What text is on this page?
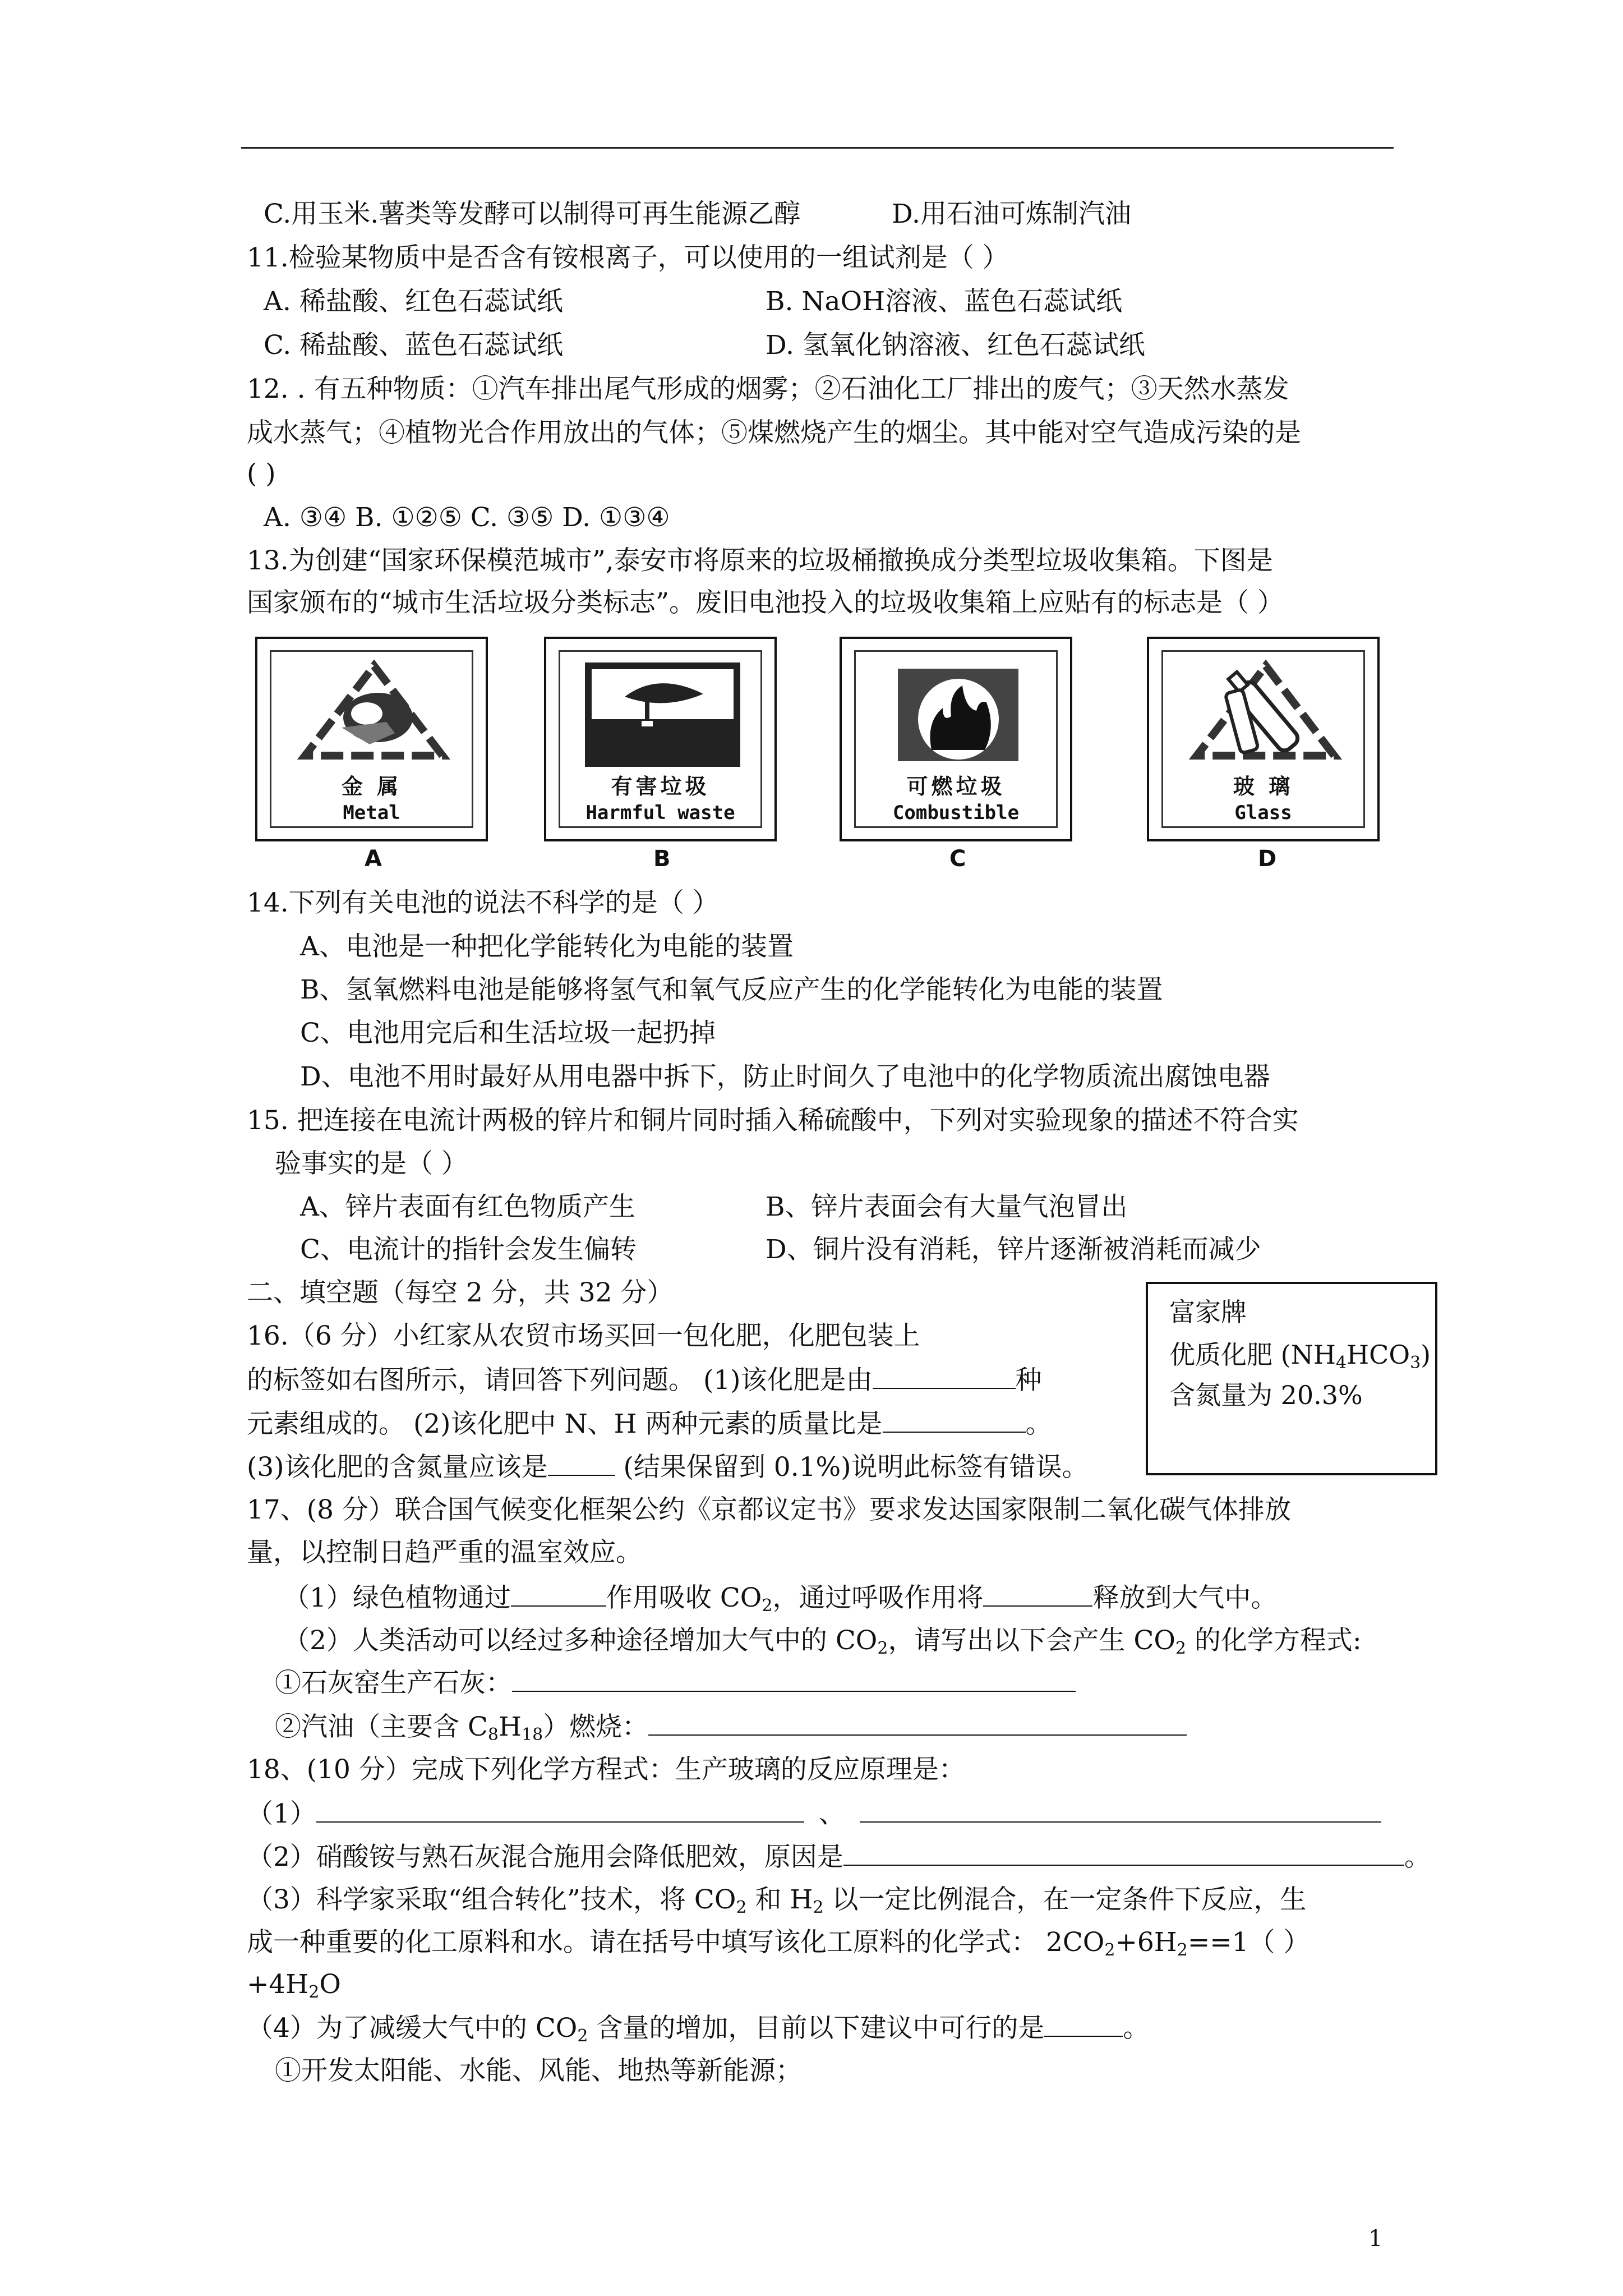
C.用玉米.薯类等发酵可以制得可再生能源乙醇	D.用石油可炼制汽油
11.检验某物质中是否含有铵根离子，可以使用的一组试剂是（ ）
A. 稀盐酸、红色石蕊试纸	B. NaOH溶液、蓝色石蕊试纸
C. 稀盐酸、蓝色石蕊试纸	D. 氢氧化钠溶液、红色石蕊试纸
12. . 有五种物质：①汽车排出尾气形成的烟雾；②石油化工厂排出的废气；③天然水蒸发
成水蒸气；④植物光合作用放出的气体；⑤煤燃烧产生的烟尘。其中能对空气造成污染的是
( )
A. ③④ B. ①②⑤ C. ③⑤ D. ①③④
13.为创建“国家环保模范城市”,泰安市将原来的垃圾桶撤换成分类型垃圾收集箱。下图是
国家颁布的“城市生活垃圾分类标志”。废旧电池投入的垃圾收集箱上应贴有的标志是（ ）
金 属
Metal
有害垃圾
Harmful waste
可燃垃圾
Combustible
玻 璃
Glass
A	B	C	D
14.下列有关电池的说法不科学的是（ ）
A、电池是一种把化学能转化为电能的装置
B、氢氧燃料电池是能够将氢气和氧气反应产生的化学能转化为电能的装置
C、电池用完后和生活垃圾一起扔掉
D、电池不用时最好从用电器中拆下，防止时间久了电池中的化学物质流出腐蚀电器
15. 把连接在电流计两极的锌片和铜片同时插入稀硫酸中，下列对实验现象的描述不符合实
验事实的是（ ）
A、锌片表面有红色物质产生	B、锌片表面会有大量气泡冒出
C、电流计的指针会发生偏转	D、铜片没有消耗，锌片逐渐被消耗而减少
二、填空题（每空 2 分，共 32 分）
富家牌
优质化肥 $(NH_4HCO_3)$
含氮量为 20.3%
16.（6 分）小红家从农贸市场买回一包化肥，化肥包装上
的标签如右图所示，请回答下列问题。 (1)该化肥是由	种
元素组成的。 (2)该化肥中 N、H 两种元素的质量比是	。
(3)该化肥的含氮量应该是	(结果保留到 0.1%)说明此标签有错误。
17、(8 分）联合国气候变化框架公约《京都议定书》要求发达国家限制二氧化碳气体排放
量，以控制日趋严重的温室效应。
（1）绿色植物通过	作用吸收 $CO_2$，通过呼吸作用将	释放到大气中。
（2）人类活动可以经过多种途径增加大气中的 $CO_2$，请写出以下会产生 $CO_2$ 的化学方程式:
①石灰窑生产石灰：
②汽油（主要含 $C_8H_{18}$）燃烧：
18、(10 分）完成下列化学方程式：生产玻璃的反应原理是：
（1）	、
（2）硝酸铵与熟石灰混合施用会降低肥效，原因是	。
（3）科学家采取“组合转化”技术，将 $CO_2$ 和 $H_2$ 以一定比例混合，在一定条件下反应，生
成一种重要的化工原料和水。请在括号中填写该化工原料的化学式： $2CO_2+6H_2==1$（ ）
$+4H_2O$
（4）为了减缓大气中的 $CO_2$ 含量的增加，目前以下建议中可行的是	。
①开发太阳能、水能、风能、地热等新能源；
1
